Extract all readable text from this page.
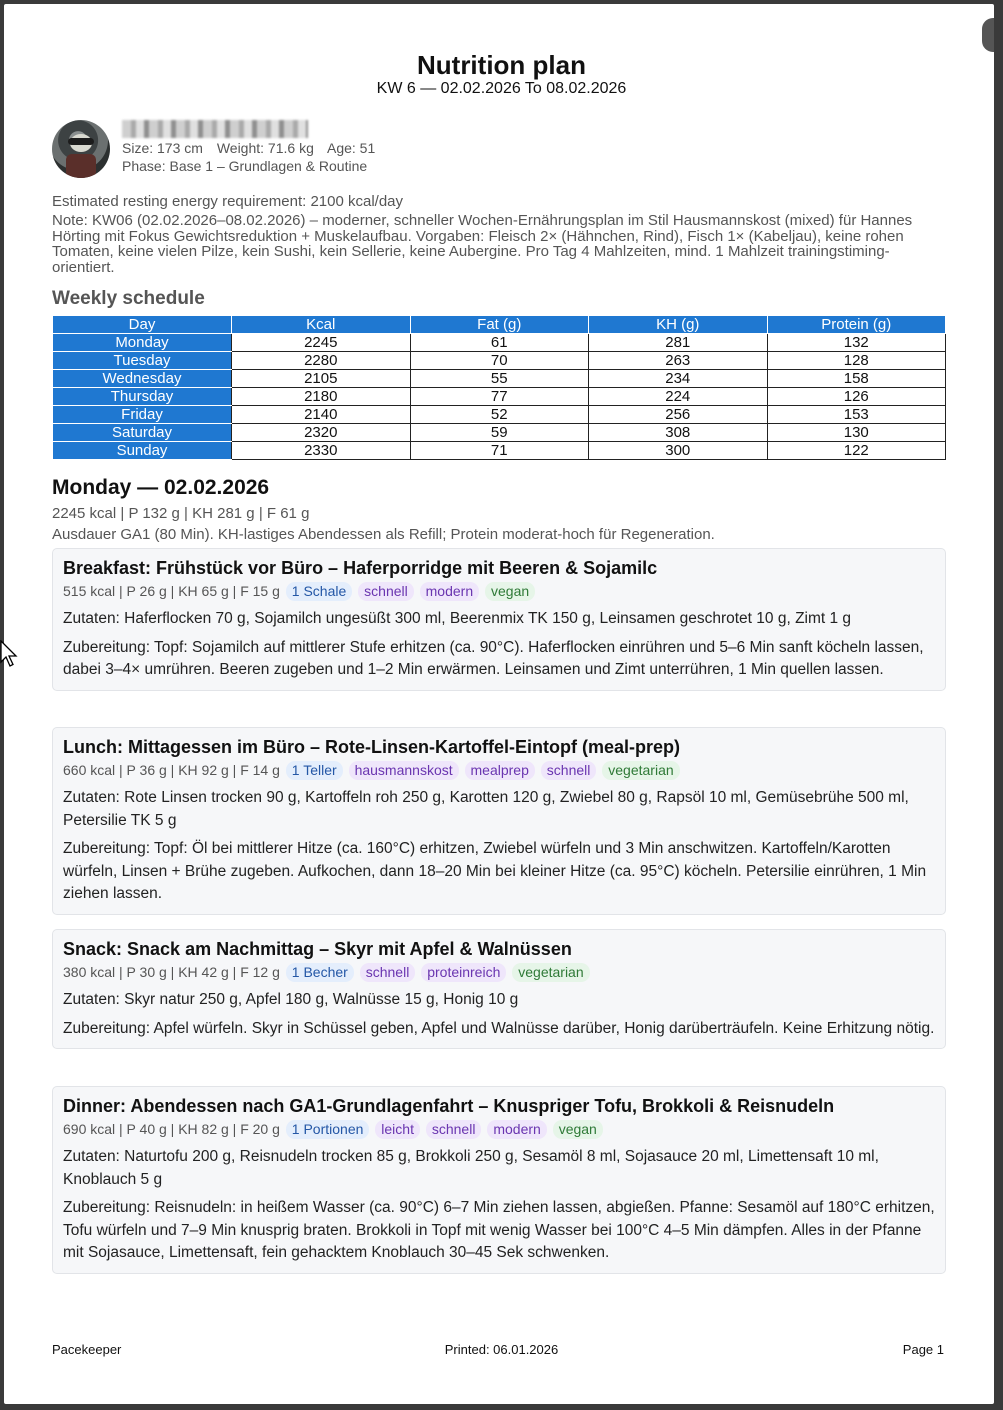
Nutrition plan
KW 6 — 02.02.2026 To 08.02.2026
Size: 173 cm Weight: 71.6 kg Age: 51
Phase: Base 1 – Grundlagen & Routine
Estimated resting energy requirement: 2100 kcal/day
Note: KW06 (02.02.2026–08.02.2026) – moderner, schneller Wochen-Ernährungsplan im Stil Hausmannskost (mixed) für Hannes Hörting mit Fokus Gewichtsreduktion + Muskelaufbau. Vorgaben: Fleisch 2× (Hähnchen, Rind), Fisch 1× (Kabeljau), keine rohen Tomaten, keine vielen Pilze, kein Sushi, kein Sellerie, keine Aubergine. Pro Tag 4 Mahlzeiten, mind. 1 Mahlzeit trainingstiming-orientiert.
Weekly schedule
Day	Kcal	Fat (g)	KH (g)	Protein (g)
Monday	2245	61	281	132
Tuesday	2280	70	263	128
Wednesday	2105	55	234	158
Thursday	2180	77	224	126
Friday	2140	52	256	153
Saturday	2320	59	308	130
Sunday	2330	71	300	122
Monday — 02.02.2026
2245 kcal | P 132 g | KH 281 g | F 61 g
Ausdauer GA1 (80 Min). KH-lastiges Abendessen als Refill; Protein moderat-hoch für Regeneration.
Breakfast: Frühstück vor Büro – Haferporridge mit Beeren & Sojamilc
515 kcal | P 26 g | KH 65 g | F 15 g 1 Schale schnell modern vegan
Zutaten: Haferflocken 70 g, Sojamilch ungesüßt 300 ml, Beerenmix TK 150 g, Leinsamen geschrotet 10 g, Zimt 1 g
Zubereitung: Topf: Sojamilch auf mittlerer Stufe erhitzen (ca. 90°C). Haferflocken einrühren und 5–6 Min sanft köcheln lassen, dabei 3–4× umrühren. Beeren zugeben und 1–2 Min erwärmen. Leinsamen und Zimt unterrühren, 1 Min quellen lassen.
Lunch: Mittagessen im Büro – Rote-Linsen-Kartoffel-Eintopf (meal-prep)
660 kcal | P 36 g | KH 92 g | F 14 g 1 Teller hausmannskost mealprep schnell vegetarian
Zutaten: Rote Linsen trocken 90 g, Kartoffeln roh 250 g, Karotten 120 g, Zwiebel 80 g, Rapsöl 10 ml, Gemüsebrühe 500 ml, Petersilie TK 5 g
Zubereitung: Topf: Öl bei mittlerer Hitze (ca. 160°C) erhitzen, Zwiebel würfeln und 3 Min anschwitzen. Kartoffeln/Karotten würfeln, Linsen + Brühe zugeben. Aufkochen, dann 18–20 Min bei kleiner Hitze (ca. 95°C) köcheln. Petersilie einrühren, 1 Min ziehen lassen.
Snack: Snack am Nachmittag – Skyr mit Apfel & Walnüssen
380 kcal | P 30 g | KH 42 g | F 12 g 1 Becher schnell proteinreich vegetarian
Zutaten: Skyr natur 250 g, Apfel 180 g, Walnüsse 15 g, Honig 10 g
Zubereitung: Apfel würfeln. Skyr in Schüssel geben, Apfel und Walnüsse darüber, Honig darüberträufeln. Keine Erhitzung nötig.
Dinner: Abendessen nach GA1-Grundlagenfahrt – Knuspriger Tofu, Brokkoli & Reisnudeln
690 kcal | P 40 g | KH 82 g | F 20 g 1 Portionen leicht schnell modern vegan
Zutaten: Naturtofu 200 g, Reisnudeln trocken 85 g, Brokkoli 250 g, Sesamöl 8 ml, Sojasauce 20 ml, Limettensaft 10 ml, Knoblauch 5 g
Zubereitung: Reisnudeln: in heißem Wasser (ca. 90°C) 6–7 Min ziehen lassen, abgießen. Pfanne: Sesamöl auf 180°C erhitzen, Tofu würfeln und 7–9 Min knusprig braten. Brokkoli in Topf mit wenig Wasser bei 100°C 4–5 Min dämpfen. Alles in der Pfanne mit Sojasauce, Limettensaft, fein gehacktem Knoblauch 30–45 Sek schwenken.
Pacekeeper	Printed: 06.01.2026	Page 1
